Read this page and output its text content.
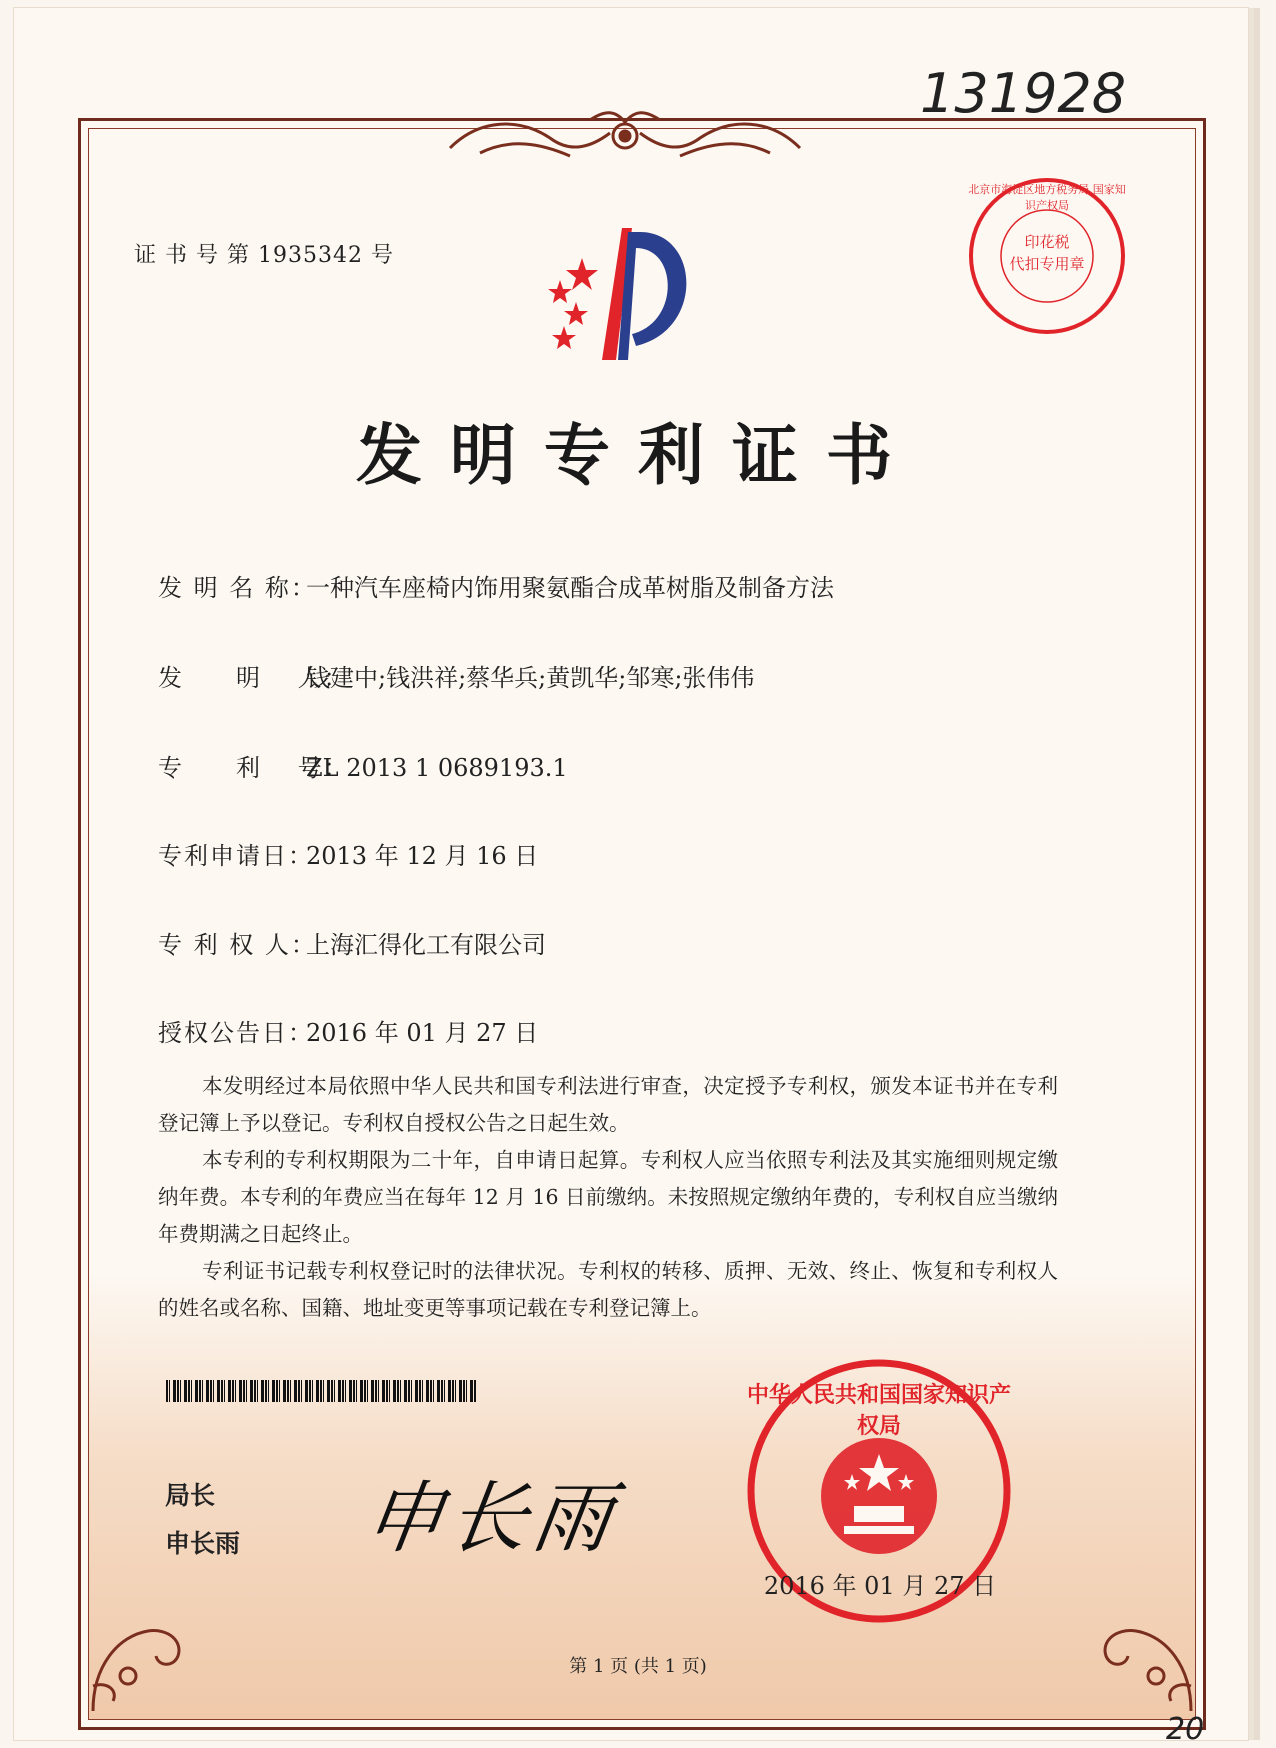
131928
证 书 号 第 1935342 号
北京市海淀区地方税务局 国家知识产权局
印花税
代扣专用章
发明专利证书
发 明 名 称：一种汽车座椅内饰用聚氨酯合成革树脂及制备方法
发　　明　 人：钱建中;钱洪祥;蔡华兵;黄凯华;邹寒;张伟伟
专　　利　 号：ZL 2013 1 0689193.1
专利申请日：2013 年 12 月 16 日
专 利 权 人：上海汇得化工有限公司
授权公告日：2016 年 01 月 27 日

本发明经过本局依照中华人民共和国专利法进行审查，决定授予专利权，颁发本证书并在专利登记簿上予以登记。专利权自授权公告之日起生效。

本专利的专利权期限为二十年，自申请日起算。专利权人应当依照专利法及其实施细则规定缴纳年费。本专利的年费应当在每年 12 月 16 日前缴纳。未按照规定缴纳年费的，专利权自应当缴纳年费期满之日起终止。

专利证书记载专利权登记时的法律状况。专利权的转移、质押、无效、终止、恢复和专利权人的姓名或名称、国籍、地址变更等事项记载在专利登记簿上。

局长
申长雨 申长雨
中华人民共和国国家知识产权局
2016 年 01 月 27 日
第 1 页 (共 1 页)
20
